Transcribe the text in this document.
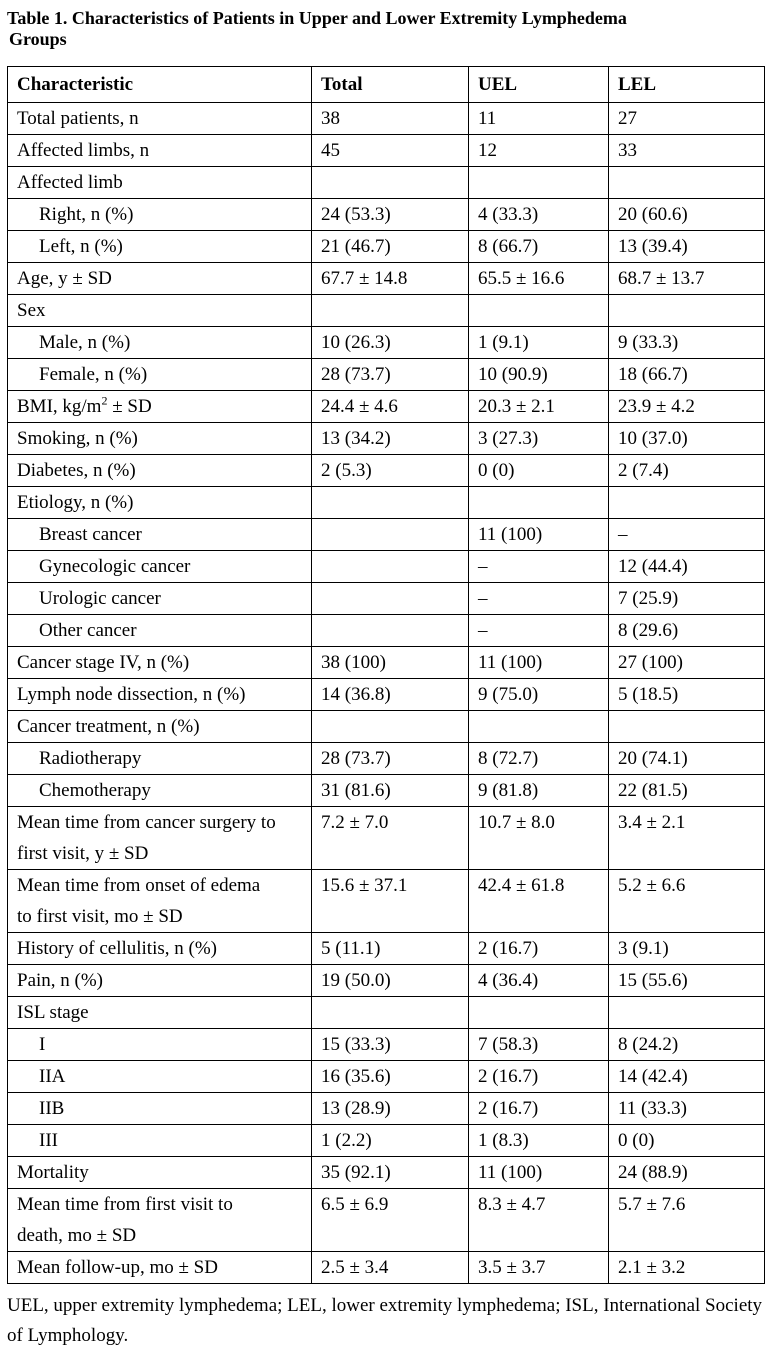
Table 1. Characteristics of Patients in Upper and Lower Extremity Lymphedema
Groups
Characteristic	Total	UEL	LEL
Total patients, n	38	11	27
Affected limbs, n	45	12	33
Affected limb			
Right, n (%)	24 (53.3)	4 (33.3)	20 (60.6)
Left, n (%)	21 (46.7)	8 (66.7)	13 (39.4)
Age, y ± SD	67.7 ± 14.8	65.5 ± 16.6	68.7 ± 13.7
Sex			
Male, n (%)	10 (26.3)	1 (9.1)	9 (33.3)
Female, n (%)	28 (73.7)	10 (90.9)	18 (66.7)
BMI, $kg/m^2$ ± SD	24.4 ± 4.6	20.3 ± 2.1	23.9 ± 4.2
Smoking, n (%)	13 (34.2)	3 (27.3)	10 (37.0)
Diabetes, n (%)	2 (5.3)	0 (0)	2 (7.4)
Etiology, n (%)			
Breast cancer		11 (100)	–
Gynecologic cancer		–	12 (44.4)
Urologic cancer		–	7 (25.9)
Other cancer		–	8 (29.6)
Cancer stage IV, n (%)	38 (100)	11 (100)	27 (100)
Lymph node dissection, n (%)	14 (36.8)	9 (75.0)	5 (18.5)
Cancer treatment, n (%)			
Radiotherapy	28 (73.7)	8 (72.7)	20 (74.1)
Chemotherapy	31 (81.6)	9 (81.8)	22 (81.5)
Mean time from cancer surgery to
first visit, y ± SD	7.2 ± 7.0	10.7 ± 8.0	3.4 ± 2.1
Mean time from onset of edema
to first visit, mo ± SD	15.6 ± 37.1	42.4 ± 61.8	5.2 ± 6.6
History of cellulitis, n (%)	5 (11.1)	2 (16.7)	3 (9.1)
Pain, n (%)	19 (50.0)	4 (36.4)	15 (55.6)
ISL stage			
I	15 (33.3)	7 (58.3)	8 (24.2)
IIA	16 (35.6)	2 (16.7)	14 (42.4)
IIB	13 (28.9)	2 (16.7)	11 (33.3)
III	1 (2.2)	1 (8.3)	0 (0)
Mortality	35 (92.1)	11 (100)	24 (88.9)
Mean time from first visit to
death, mo ± SD	6.5 ± 6.9	8.3 ± 4.7	5.7 ± 7.6
Mean follow-up, mo ± SD	2.5 ± 3.4	3.5 ± 3.7	2.1 ± 3.2
UEL, upper extremity lymphedema; LEL, lower extremity lymphedema; ISL, International Society of Lymphology.
